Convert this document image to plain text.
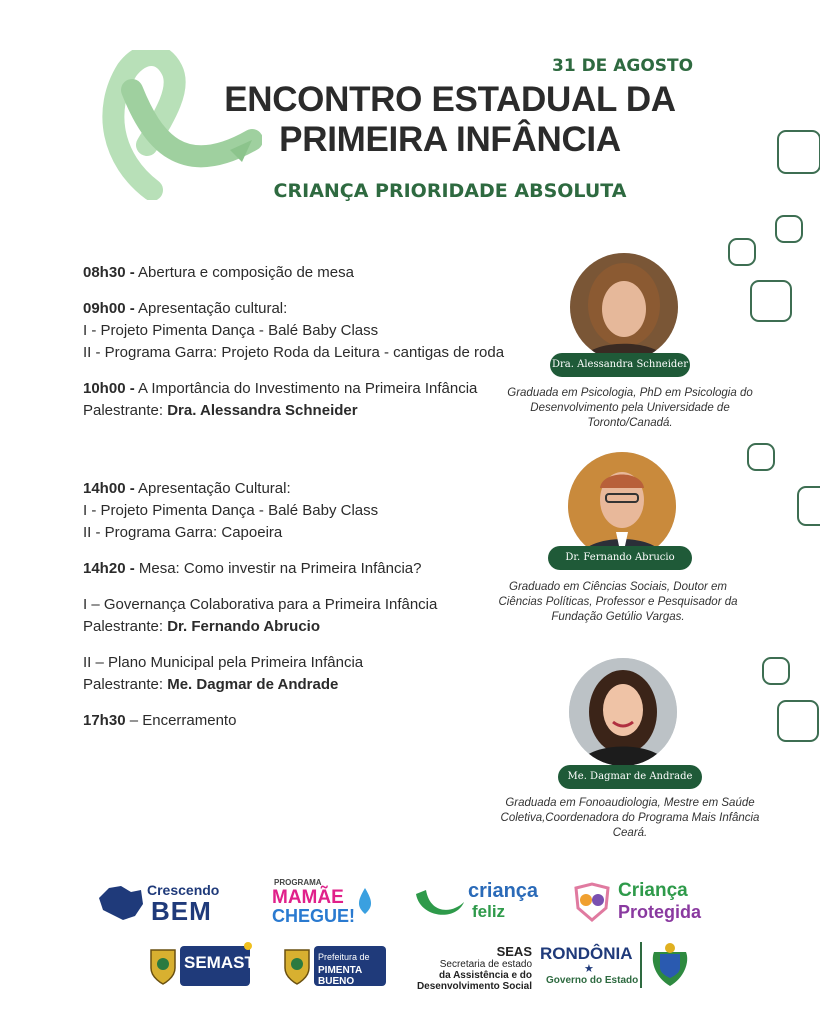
31 DE AGOSTO
ENCONTRO ESTADUAL DA
PRIMEIRA INFÂNCIA
CRIANÇA PRIORIDADE ABSOLUTA

08h30 - Abertura e composição de mesa

09h00 - Apresentação cultural:

I - Projeto Pimenta Dança - Balé Baby Class

II - Programa Garra: Projeto Roda da Leitura - cantigas de roda

10h00 - A Importância do Investimento na Primeira Infância

Palestrante: Dra. Alessandra Schneider

14h00 - Apresentação Cultural:

I - Projeto Pimenta Dança - Balé Baby Class

II - Programa Garra: Capoeira

14h20 - Mesa: Como investir na Primeira Infância?

I – Governança Colaborativa para a Primeira Infância

Palestrante: Dr. Fernando Abrucio

II – Plano Municipal pela Primeira Infância

Palestrante: Me. Dagmar de Andrade

17h30 – Encerramento

Dra. Alessandra Schneider
Graduada em Psicologia, PhD em Psicologia do Desenvolvimento pela Universidade de Toronto/Canadá.
Dr. Fernando Abrucio
Graduado em Ciências Sociais, Doutor em Ciências Políticas, Professor e Pesquisador da Fundação Getúlio Vargas.
Me. Dagmar de Andrade
Graduada em Fonoaudiologia, Mestre em Saúde Coletiva,Coordenadora do Programa Mais Infância Ceará.
Crescendo
BEM
PROGRAMA
MAMÃE
CHEGUE!
criança
feliz
Criança
Protegida
SEMAST	Prefeitura de
PIMENTA BUENO
SEAS
Secretaria de estado
da Assistência e do
Desenvolvimento Social
RONDÔNIA
★
Governo do Estado
